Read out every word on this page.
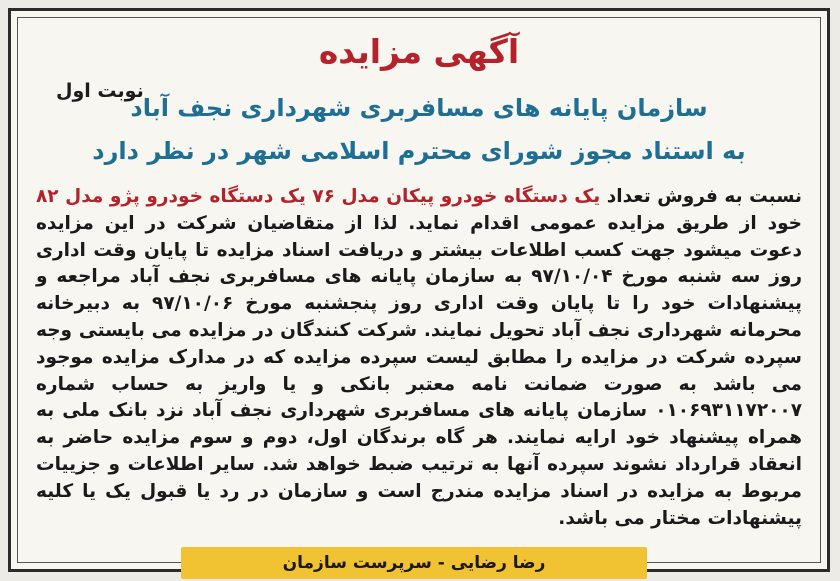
نوبت اول
آگهی مزایده
سازمان پایانه های مسافربری شهرداری نجف آباد
به استناد مجوز شورای محترم اسلامی شهر در نظر دارد
نسبت به فروش تعداد یک دستگاه خودرو پیکان مدل ۷۶ یک دستگاه خودرو پژو مدل ۸۲ خود از طریق مزایده عمومی اقدام نماید. لذا از متقاضیان شرکت در این مزایده دعوت میشود جهت کسب اطلاعات بیشتر و دریافت اسناد مزایده تا پایان وقت اداری روز سه شنبه مورخ ۹۷/۱۰/۰۴ به سازمان پایانه های مسافربری نجف آباد مراجعه و پیشنهادات خود را تا پایان وقت اداری روز پنجشنبه مورخ ۹۷/۱۰/۰۶ به دبیرخانه محرمانه شهرداری نجف آباد تحویل نمایند. شرکت کنندگان در مزایده می بایستی وجه سپرده شرکت در مزایده را مطابق لیست سپرده مزایده که در مدارک مزایده موجود می باشد به صورت ضمانت نامه معتبر بانکی و یا واریز به حساب شماره ۰۱۰۶۹۳۱۱۷۲۰۰۷ سازمان پایانه های مسافربری شهرداری نجف آباد نزد بانک ملی به همراه پیشنهاد خود ارایه نمایند. هر گاه برندگان اول، دوم و سوم مزایده حاضر به انعقاد قرارداد نشوند سپرده آنها به ترتیب ضبط خواهد شد. سایر اطلاعات و جزییات مربوط به مزایده در اسناد مزایده مندرج است و سازمان در رد یا قبول یک یا کلیه پیشنهادات مختار می باشد.
رضا رضایی - سرپرست سازمان
